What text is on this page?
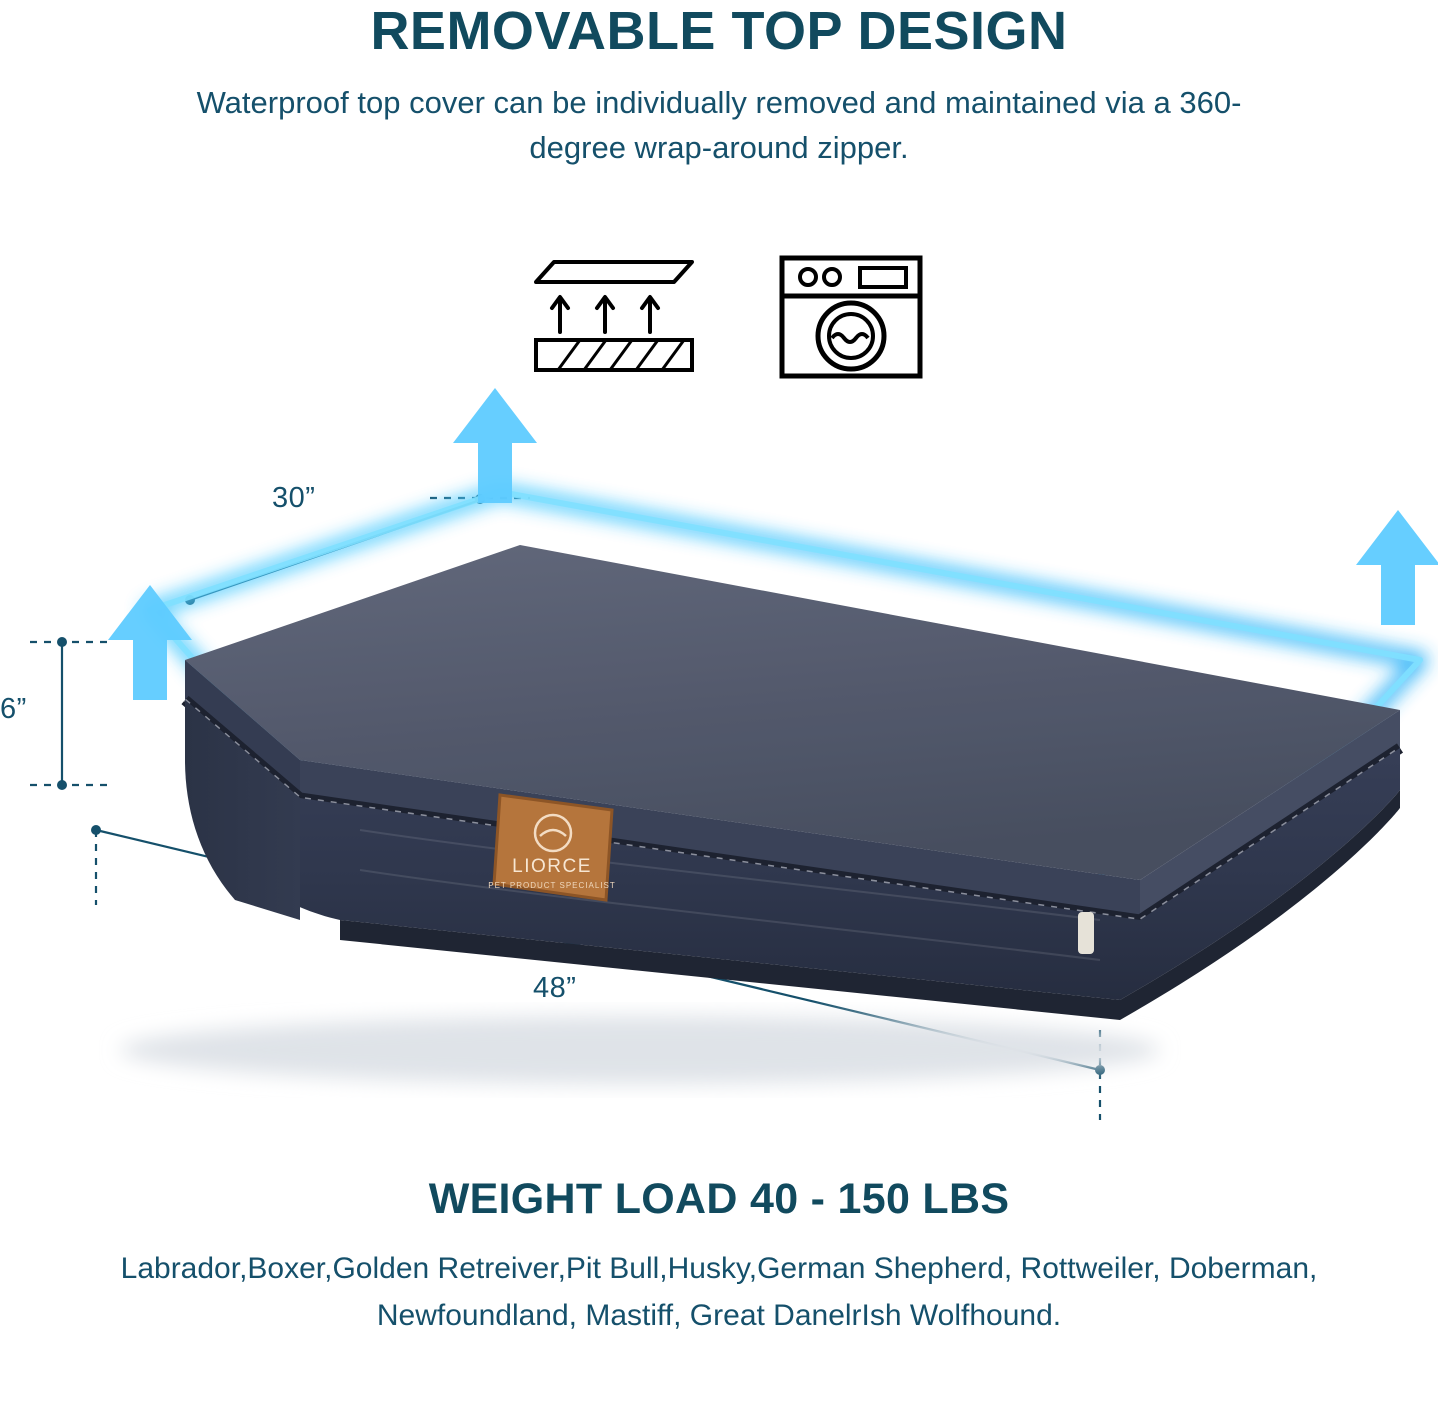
REMOVABLE TOP DESIGN
Waterproof top cover can be individually removed and maintained via a 360-degree wrap-around zipper.
LIORCE
PET PRODUCT SPECIALIST
30”
6”
48”
WEIGHT LOAD 40 - 150 LBS
Labrador,Boxer,Golden Retreiver,Pit Bull,Husky,German Shepherd, Rottweiler, Doberman, Newfoundland, Mastiff, Great DanelrIsh Wolfhound.
